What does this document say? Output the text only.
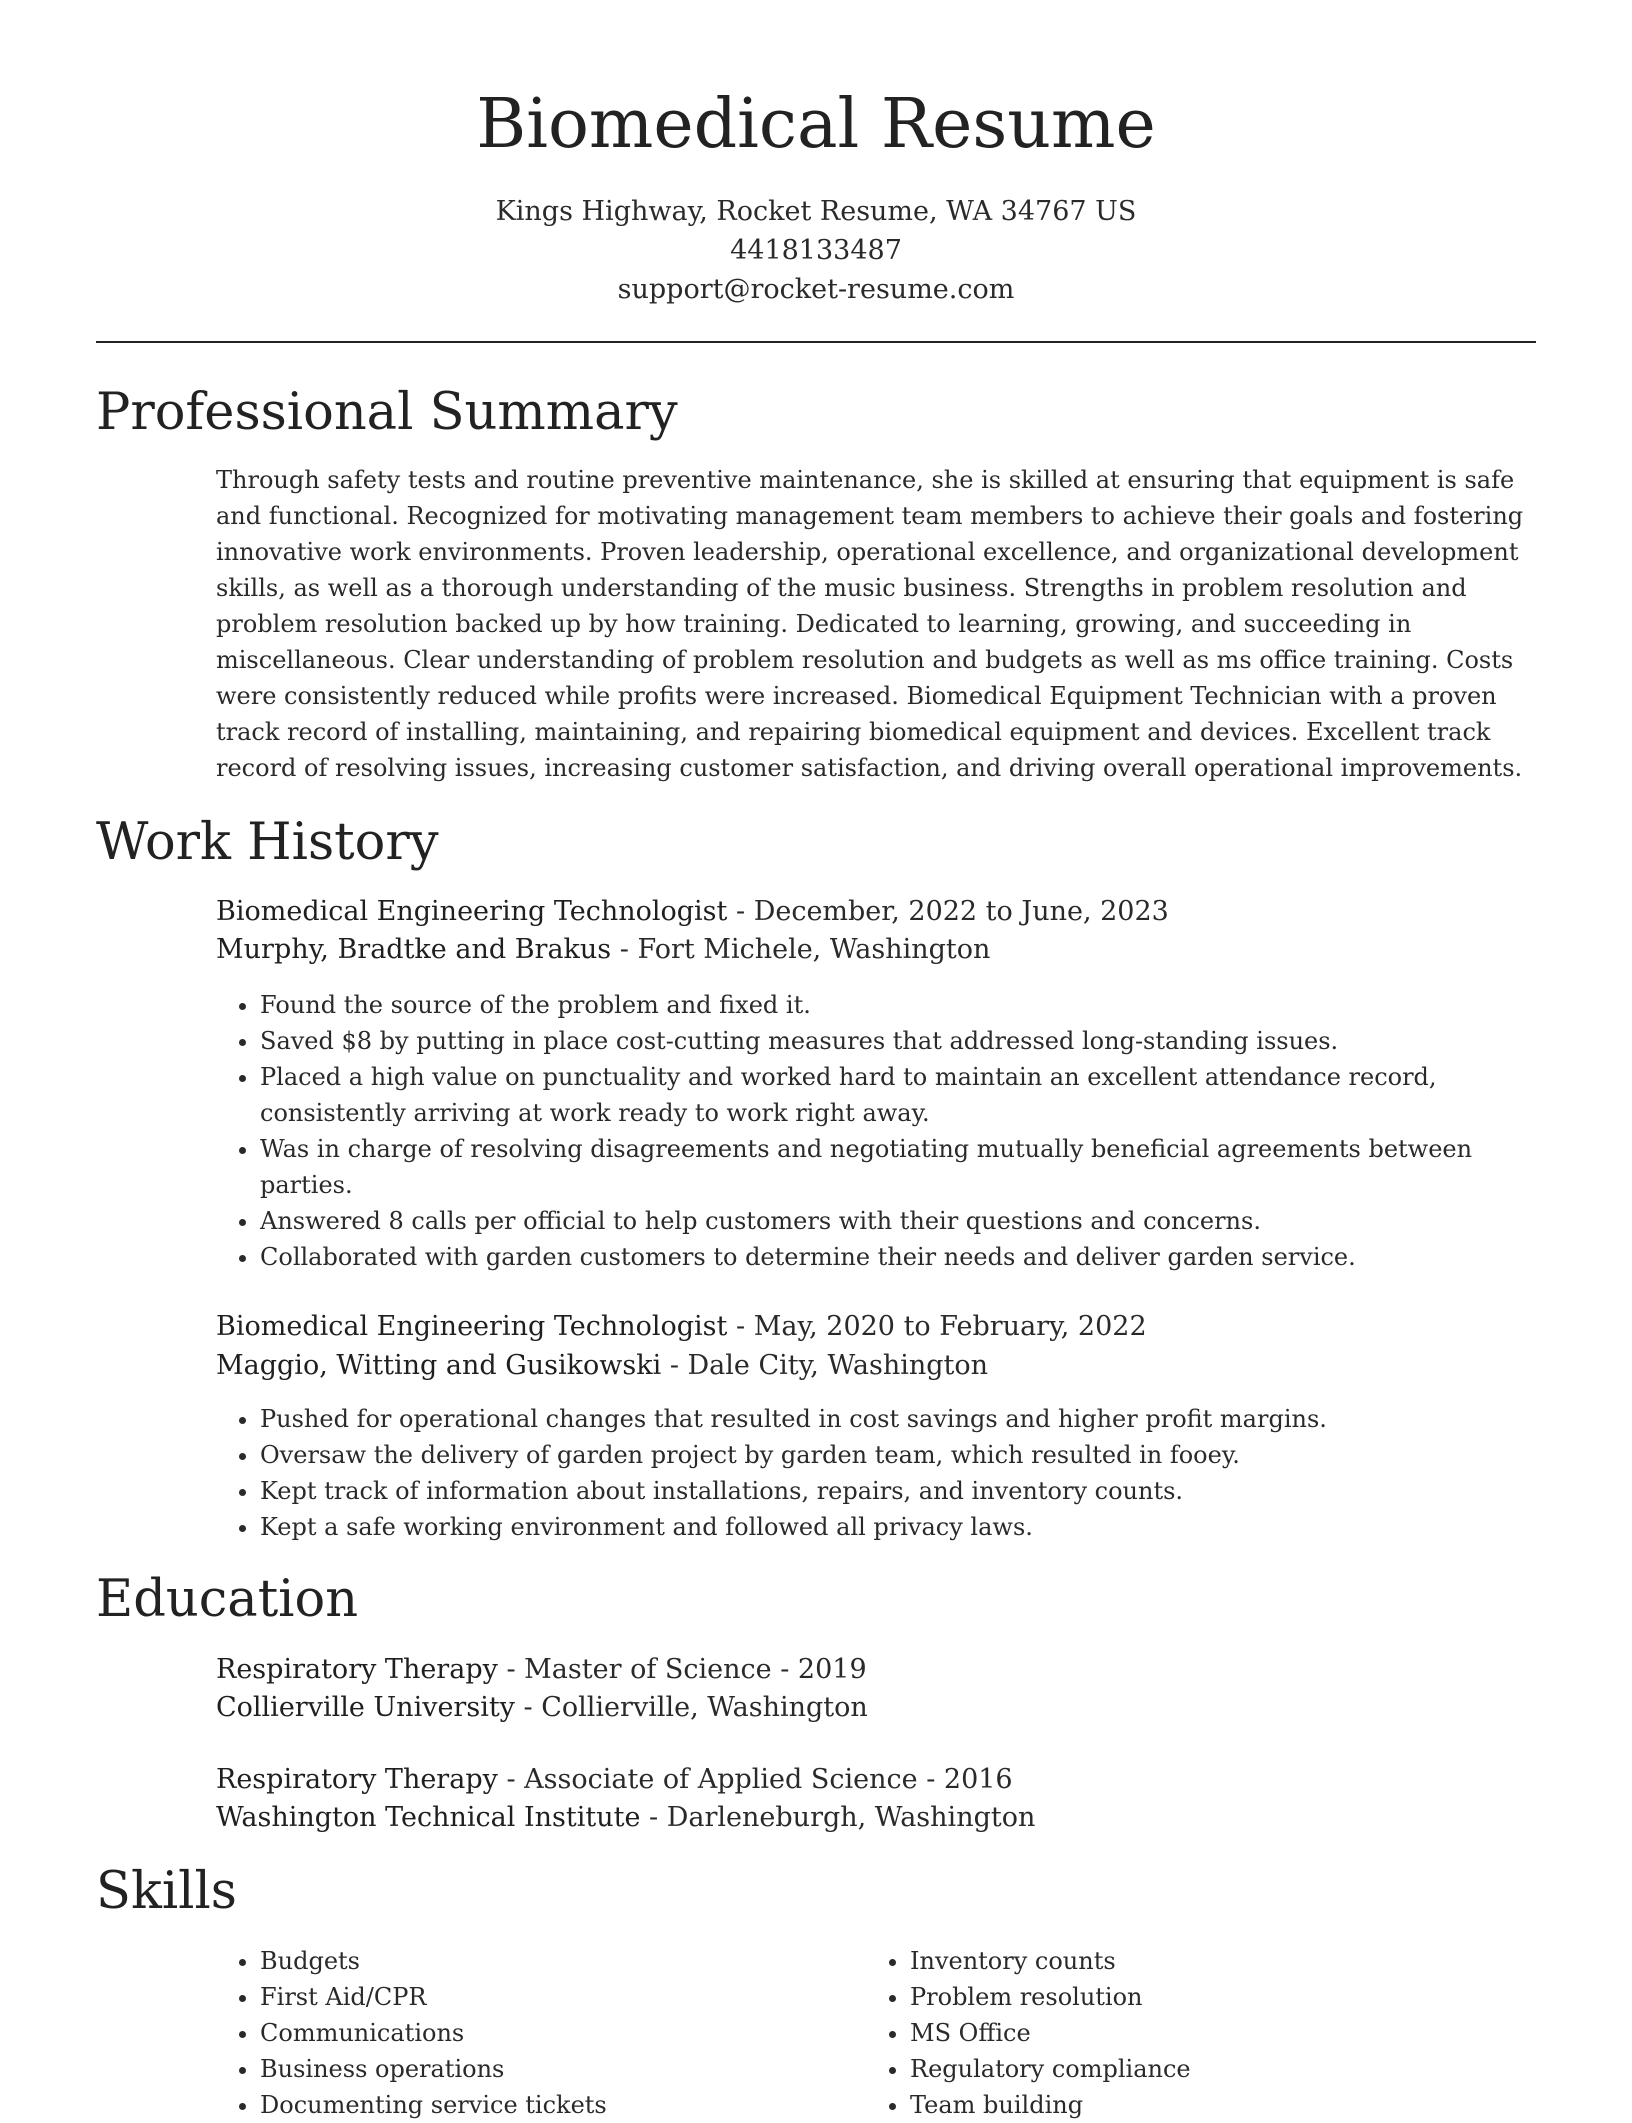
Biomedical Resume
Kings Highway, Rocket Resume, WA 34767 US
4418133487
support@rocket-resume.com
Professional Summary
Through safety tests and routine preventive maintenance, she is skilled at ensuring that equipment is safe and functional. Recognized for motivating management team members to achieve their goals and fostering innovative work environments. Proven leadership, operational excellence, and organizational development skills, as well as a thorough understanding of the music business. Strengths in problem resolution and problem resolution backed up by how training. Dedicated to learning, growing, and succeeding in miscellaneous. Clear understanding of problem resolution and budgets as well as ms office training. Costs were consistently reduced while profits were increased. Biomedical Equipment Technician with a proven track record of installing, maintaining, and repairing biomedical equipment and devices. Excellent track record of resolving issues, increasing customer satisfaction, and driving overall operational improvements.
Work History
Biomedical Engineering Technologist - December, 2022 to June, 2023
Murphy, Bradtke and Brakus - Fort Michele, Washington
• Found the source of the problem and fixed it.
• Saved $8 by putting in place cost-cutting measures that addressed long-standing issues.
• Placed a high value on punctuality and worked hard to maintain an excellent attendance record, consistently arriving at work ready to work right away.
• Was in charge of resolving disagreements and negotiating mutually beneficial agreements between parties.
• Answered 8 calls per official to help customers with their questions and concerns.
• Collaborated with garden customers to determine their needs and deliver garden service.
Biomedical Engineering Technologist - May, 2020 to February, 2022
Maggio, Witting and Gusikowski - Dale City, Washington
• Pushed for operational changes that resulted in cost savings and higher profit margins.
• Oversaw the delivery of garden project by garden team, which resulted in fooey.
• Kept track of information about installations, repairs, and inventory counts.
• Kept a safe working environment and followed all privacy laws.
Education
Respiratory Therapy - Master of Science - 2019
Collierville University - Collierville, Washington
Respiratory Therapy - Associate of Applied Science - 2016
Washington Technical Institute - Darleneburgh, Washington
Skills
• Budgets
• First Aid/CPR
• Communications
• Business operations
• Documenting service tickets
• Inventory counts
• Problem resolution
• MS Office
• Regulatory compliance
• Team building
